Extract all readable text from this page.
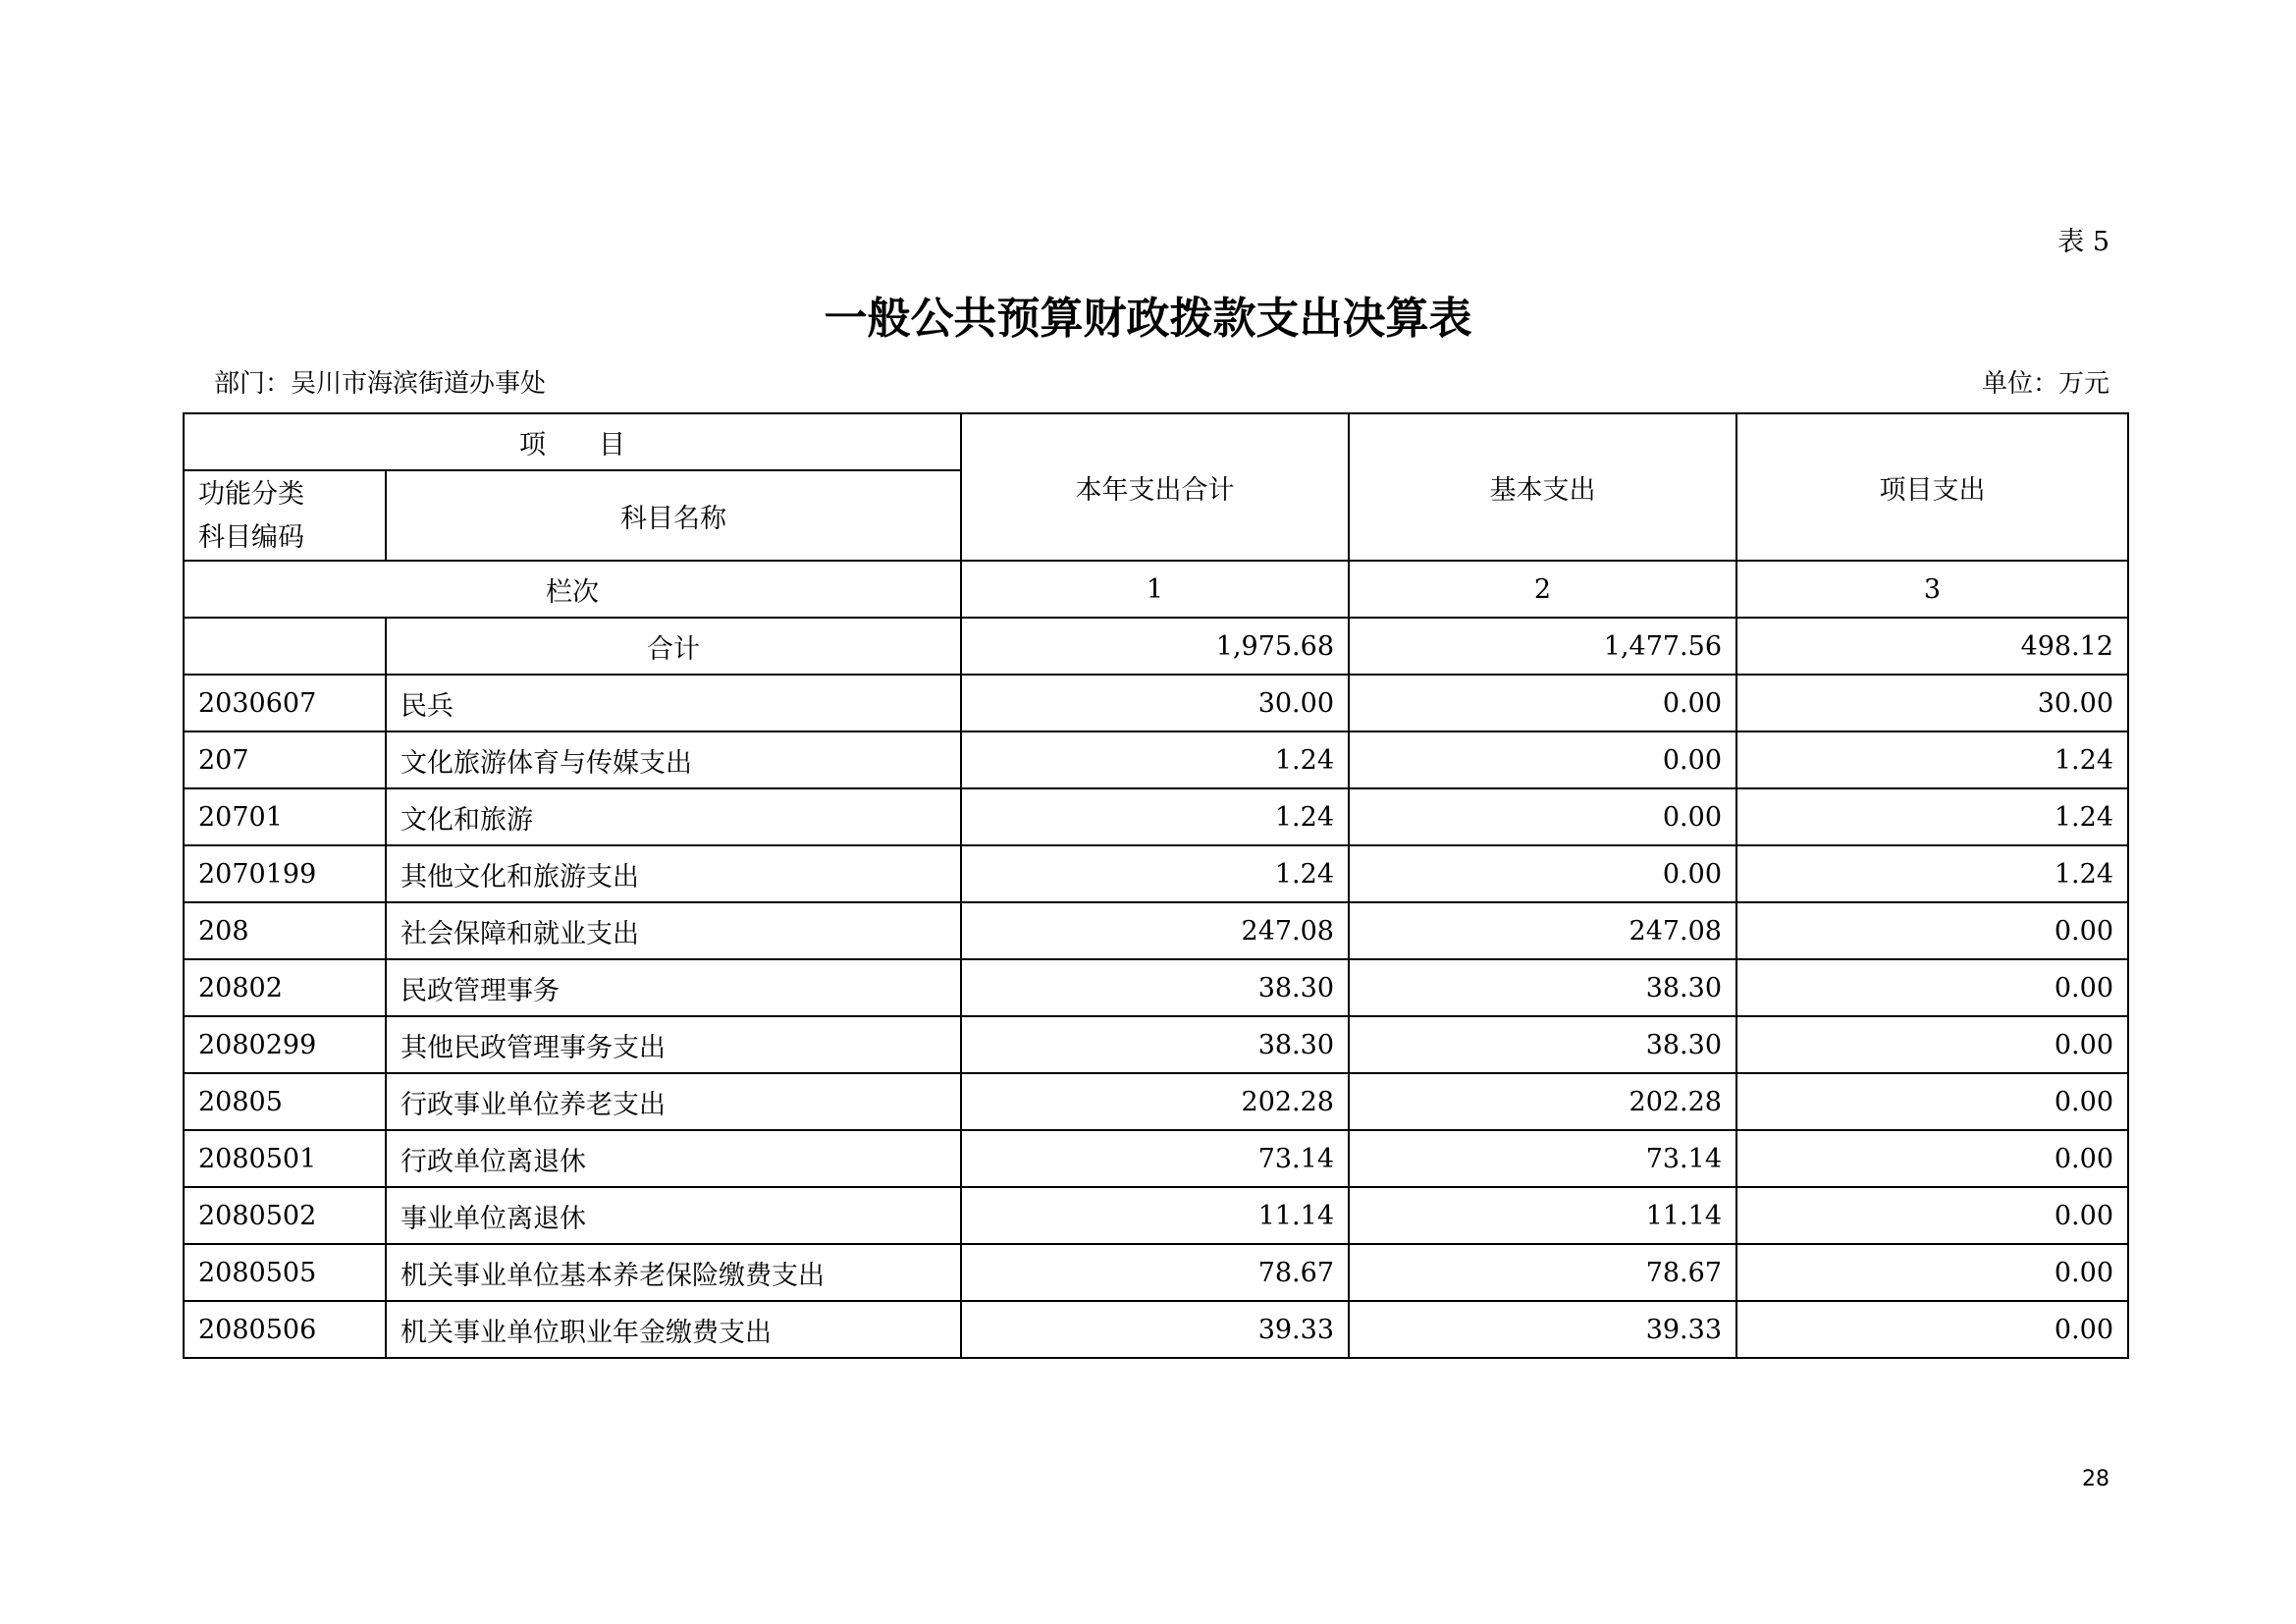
表 5
一般公共预算财政拨款支出决算表
部门：吴川市海滨街道办事处	单位：万元
项　　目		本年支出合计	基本支出	项目支出

功能分类
科目编码	科目名称			
栏次		1	2	3
	合计	1,975.68	1,477.56	498.12
2030607	民兵	30.00	0.00	30.00
207	文化旅游体育与传媒支出	1.24	0.00	1.24
20701	文化和旅游	1.24	0.00	1.24
2070199	其他文化和旅游支出	1.24	0.00	1.24
208	社会保障和就业支出	247.08	247.08	0.00
20802	民政管理事务	38.30	38.30	0.00
2080299	其他民政管理事务支出	38.30	38.30	0.00
20805	行政事业单位养老支出	202.28	202.28	0.00
2080501	行政单位离退休	73.14	73.14	0.00
2080502	事业单位离退休	11.14	11.14	0.00
2080505	机关事业单位基本养老保险缴费支出	78.67	78.67	0.00
2080506	机关事业单位职业年金缴费支出	39.33	39.33	0.00
28
